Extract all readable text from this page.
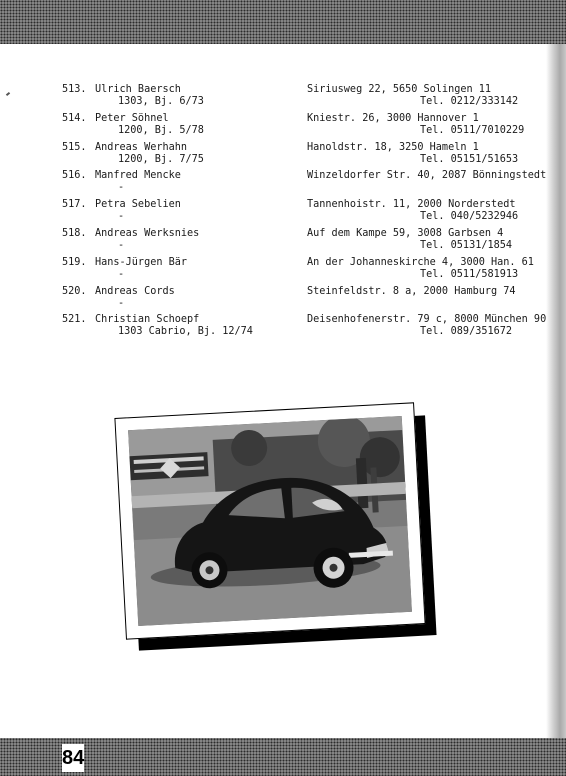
513. Ulrich Baersch
1303, Bj. 6/73
Siriusweg 22, 5650 Solingen 11
Tel. 0212/333142
514. Peter Söhnel
1200, Bj. 5/78
Kniestr. 26, 3000 Hannover 1
Tel. 0511/7010229
515. Andreas Werhahn
1200, Bj. 7/75
Hanoldstr. 18, 3250 Hameln 1
Tel. 05151/51653
516. Manfred Mencke
-
Winzeldorfer Str. 40, 2087 Bönningstedt
517. Petra Sebelien
-
Tannenhoistr. 11, 2000 Norderstedt
Tel. 040/5232946
518. Andreas Werksnies
-
Auf dem Kampe 59, 3008 Garbsen 4
Tel. 05131/1854
519. Hans-Jürgen Bär
-
An der Johanneskirche 4, 3000 Han. 61
Tel. 0511/581913
520. Andreas Cords
-
Steinfeldstr. 8 a, 2000 Hamburg 74
521. Christian Schoepf
1303 Cabrio, Bj. 12/74
Deisenhofenerstr. 79 c, 8000 München 90
Tel. 089/351672
84
